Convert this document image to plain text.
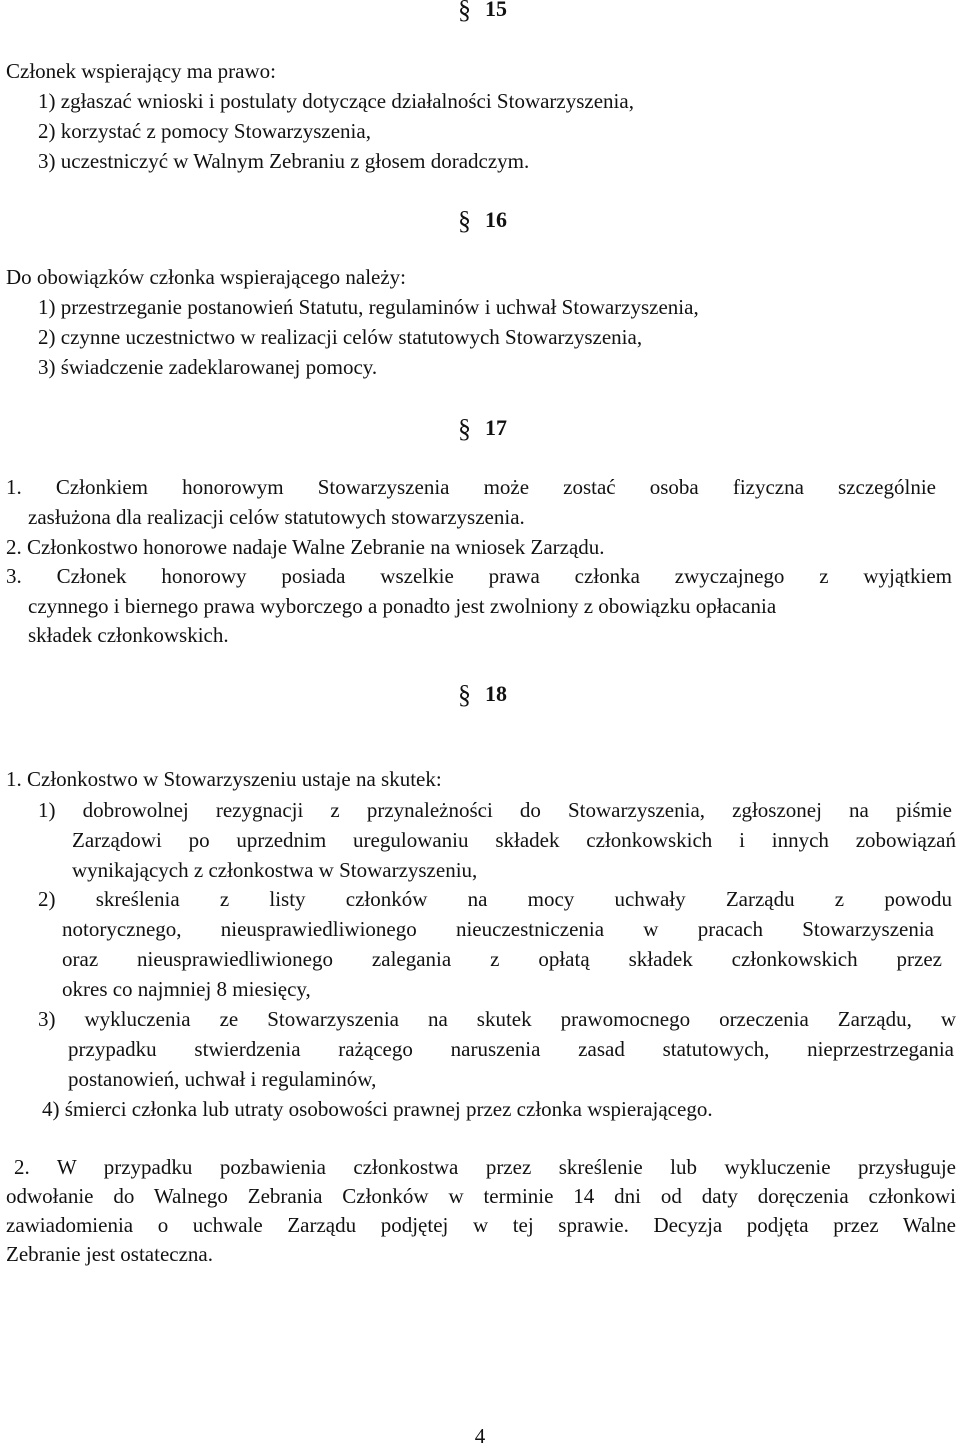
§ 15
Członek wspierający ma prawo:
1) zgłaszać wnioski i postulaty dotyczące działalności Stowarzyszenia,
2) korzystać z pomocy Stowarzyszenia,
3) uczestniczyć w Walnym Zebraniu z głosem doradczym.
§ 16
Do obowiązków członka wspierającego należy:
1) przestrzeganie postanowień Statutu, regulaminów i uchwał Stowarzyszenia,
2) czynne uczestnictwo w realizacji celów statutowych Stowarzyszenia,
3) świadczenie zadeklarowanej pomocy.
§ 17
1. Członkiem honorowym Stowarzyszenia może zostać osoba fizyczna szczególnie
zasłużona dla realizacji celów statutowych stowarzyszenia.
2. Członkostwo honorowe nadaje Walne Zebranie na wniosek Zarządu.
3. Członek honorowy posiada wszelkie prawa członka zwyczajnego z wyjątkiem
czynnego i biernego prawa wyborczego a ponadto jest zwolniony z obowiązku opłacania
składek członkowskich.
§ 18
1. Członkostwo w Stowarzyszeniu ustaje na skutek:
1) dobrowolnej rezygnacji z przynależności do Stowarzyszenia, zgłoszonej na piśmie
Zarządowi po uprzednim uregulowaniu składek członkowskich i innych zobowiązań
wynikających z członkostwa w Stowarzyszeniu,
2) skreślenia z listy członków na mocy uchwały Zarządu z powodu
notorycznego, nieusprawiedliwionego nieuczestniczenia w pracach Stowarzyszenia
oraz nieusprawiedliwionego zalegania z opłatą składek członkowskich przez
okres co najmniej 8 miesięcy,
3) wykluczenia ze Stowarzyszenia na skutek prawomocnego orzeczenia Zarządu, w
przypadku stwierdzenia rażącego naruszenia zasad statutowych, nieprzestrzegania
postanowień, uchwał i regulaminów,
4) śmierci członka lub utraty osobowości prawnej przez członka wspierającego.
2. W przypadku pozbawienia członkostwa przez skreślenie lub wykluczenie przysługuje
odwołanie do Walnego Zebrania Członków w terminie 14 dni od daty doręczenia członkowi
zawiadomienia o uchwale Zarządu podjętej w tej sprawie. Decyzja podjęta przez Walne
Zebranie jest ostateczna.
4
